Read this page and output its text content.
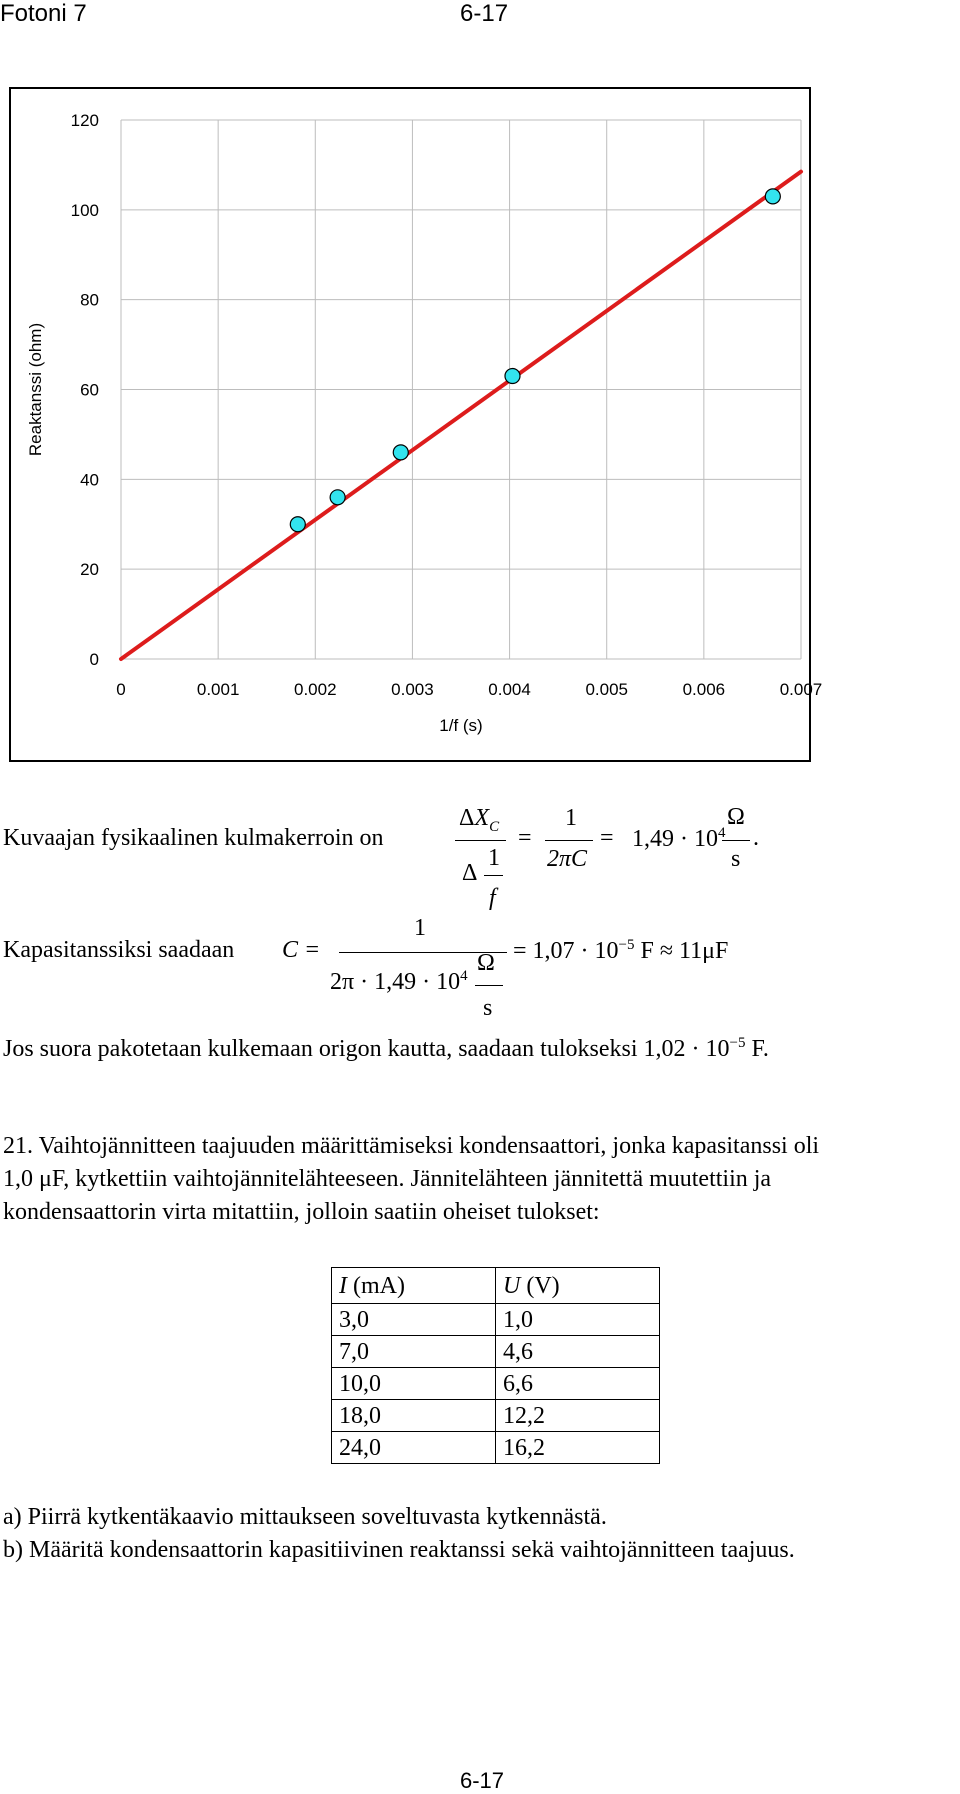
Fotoni 7	6-17
0	0.001	0.002	0.003	0.004	0.005	0.006	0.007
0
20
40
60
80
100
120
1/f (s)
Reaktanssi (ohm)
Kuvaajan fysikaalinen kulmakerroin on
$\Delta X_C$
Δ
1
f
=
1
2πC
= $1,49 \cdot 10^4$
Ω
s
.
Kapasitanssiksi saadaan C =
1
$2\pi \cdot 1,49 \cdot 10^4$ Ω
s
= $1,07 \cdot 10^{-5}$ F ≈ 11μF
Jos suora pakotetaan kulkemaan origon kautta, saadaan tulokseksi $1,02 \cdot 10^{-5}$ F.
21. Vaihtojännitteen taajuuden määrittämiseksi kondensaattori, jonka kapasitanssi oli
1,0 μF, kytkettiin vaihtojännitelähteeseen. Jännitelähteen jännitettä muutettiin ja
kondensaattorin virta mitattiin, jolloin saatiin oheiset tulokset:
I (mA)	U (V)
3,0	1,0
7,0	4,6
10,0	6,6
18,0	12,2
24,0	16,2
a) Piirrä kytkentäkaavio mittaukseen soveltuvasta kytkennästä.
b) Määritä kondensaattorin kapasitiivinen reaktanssi sekä vaihtojännitteen taajuus.
6-17
